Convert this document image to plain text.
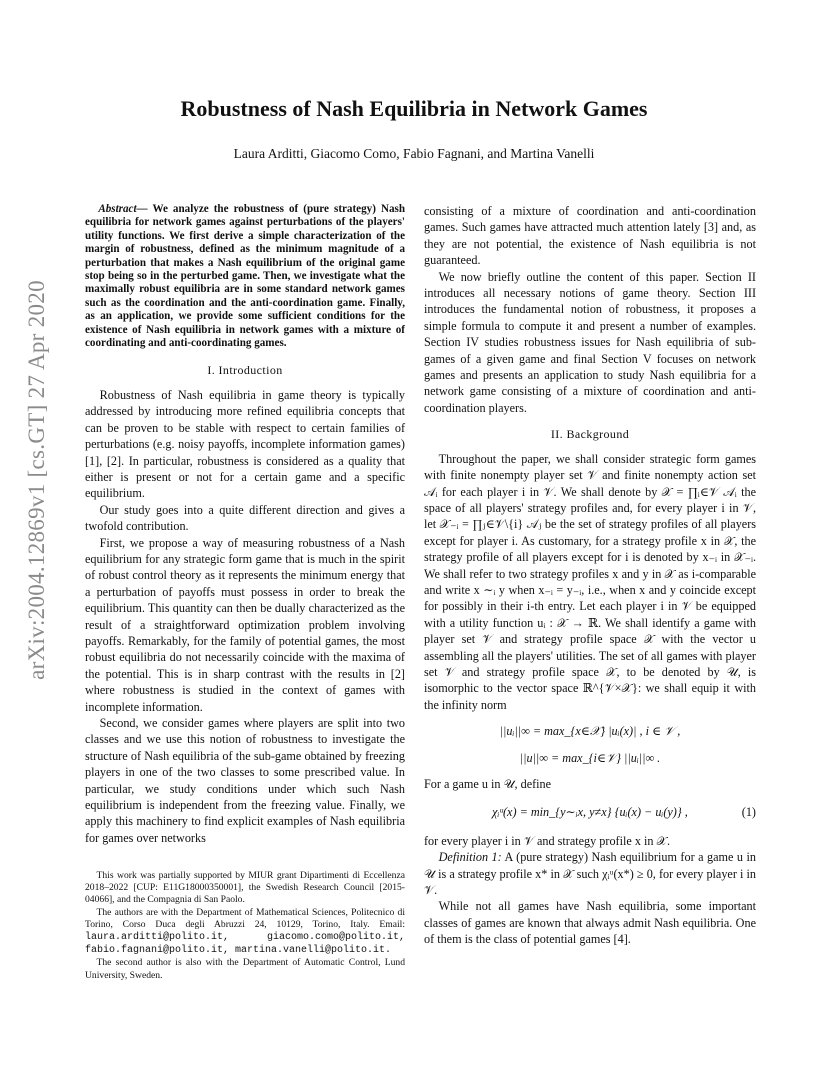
arXiv:2004.12869v1 [cs.GT] 27 Apr 2020
Robustness of Nash Equilibria in Network Games
Laura Arditti, Giacomo Como, Fabio Fagnani, and Martina Vanelli
Abstract— We analyze the robustness of (pure strategy) Nash equilibria for network games against perturbations of the players' utility functions. We first derive a simple characterization of the margin of robustness, defined as the minimum magnitude of a perturbation that makes a Nash equilibrium of the original game stop being so in the perturbed game. Then, we investigate what the maximally robust equilibria are in some standard network games such as the coordination and the anti-coordination game. Finally, as an application, we provide some sufficient conditions for the existence of Nash equilibria in network games with a mixture of coordinating and anti-coordinating games.
I. Introduction

Robustness of Nash equilibria in game theory is typically addressed by introducing more refined equilibria concepts that can be proven to be stable with respect to certain families of perturbations (e.g. noisy payoffs, incomplete information games) [1], [2]. In particular, robustness is considered as a quality that either is present or not for a certain game and a specific equilibrium.

Our study goes into a quite different direction and gives a twofold contribution.

First, we propose a way of measuring robustness of a Nash equilibrium for any strategic form game that is much in the spirit of robust control theory as it represents the minimum energy that a perturbation of payoffs must possess in order to break the equilibrium. This quantity can then be dually characterized as the result of a straightforward optimization problem involving payoffs. Remarkably, for the family of potential games, the most robust equilibria do not necessarily coincide with the maxima of the potential. This is in sharp contrast with the results in [2] where robustness is studied in the context of games with incomplete information.

Second, we consider games where players are split into two classes and we use this notion of robustness to investigate the structure of Nash equilibria of the sub-game obtained by freezing players in one of the two classes to some prescribed value. In particular, we study conditions under which such Nash equilibrium is independent from the freezing value. Finally, we apply this machinery to find explicit examples of Nash equilibria for games over networks

This work was partially supported by MIUR grant Dipartimenti di Eccellenza 2018–2022 [CUP: E11G18000350001], the Swedish Research Council [2015-04066], and the Compagnia di San Paolo.

The authors are with the Department of Mathematical Sciences, Politecnico di Torino, Corso Duca degli Abruzzi 24, 10129, Torino, Italy. Email: laura.arditti@polito.it, giacomo.como@polito.it, fabio.fagnani@polito.it, martina.vanelli@polito.it.

The second author is also with the Department of Automatic Control, Lund University, Sweden.

consisting of a mixture of coordination and anti-coordination games. Such games have attracted much attention lately [3] and, as they are not potential, the existence of Nash equilibria is not guaranteed.

We now briefly outline the content of this paper. Section II introduces all necessary notions of game theory. Section III introduces the fundamental notion of robustness, it proposes a simple formula to compute it and present a number of examples. Section IV studies robustness issues for Nash equilibria of sub-games of a given game and final Section V focuses on network games and presents an application to study Nash equilibria for a network game consisting of a mixture of coordination and anti-coordination players.

II. Background

Throughout the paper, we shall consider strategic form games with finite nonempty player set 𝒱 and finite nonempty action set 𝒜ᵢ for each player i in 𝒱. We shall denote by 𝒳 = ∏ᵢ∈𝒱 𝒜ᵢ the space of all players' strategy profiles and, for every player i in 𝒱, let 𝒳₋ᵢ = ∏ⱼ∈𝒱\{i} 𝒜ⱼ be the set of strategy profiles of all players except for player i. As customary, for a strategy profile x in 𝒳, the strategy profile of all players except for i is denoted by x₋ᵢ in 𝒳₋ᵢ. We shall refer to two strategy profiles x and y in 𝒳 as i-comparable and write x ∼ᵢ y when x₋ᵢ = y₋ᵢ, i.e., when x and y coincide except for possibly in their i-th entry. Let each player i in 𝒱 be equipped with a utility function uᵢ : 𝒳 → ℝ. We shall identify a game with player set 𝒱 and strategy profile space 𝒳 with the vector u assembling all the players' utilities. The set of all games with player set 𝒱 and strategy profile space 𝒳, to be denoted by 𝒰, is isomorphic to the vector space ℝ^{𝒱×𝒳}: we shall equip it with the infinity norm

||uᵢ||∞ = max_{x∈𝒳} |uᵢ(x)| , i ∈ 𝒱 ,
||u||∞ = max_{i∈𝒱} ||uᵢ||∞ .

For a game u in 𝒰, define

χᵢᵘ(x) = min_{y∼ᵢx, y≠x} {uᵢ(x) − uᵢ(y)} ,	(1)

for every player i in 𝒱 and strategy profile x in 𝒳.

Definition 1: A (pure strategy) Nash equilibrium for a game u in 𝒰 is a strategy profile x* in 𝒳 such χᵢᵘ(x*) ≥ 0, for every player i in 𝒱.

While not all games have Nash equilibria, some important classes of games are known that always admit Nash equilibria. One of them is the class of potential games [4].
